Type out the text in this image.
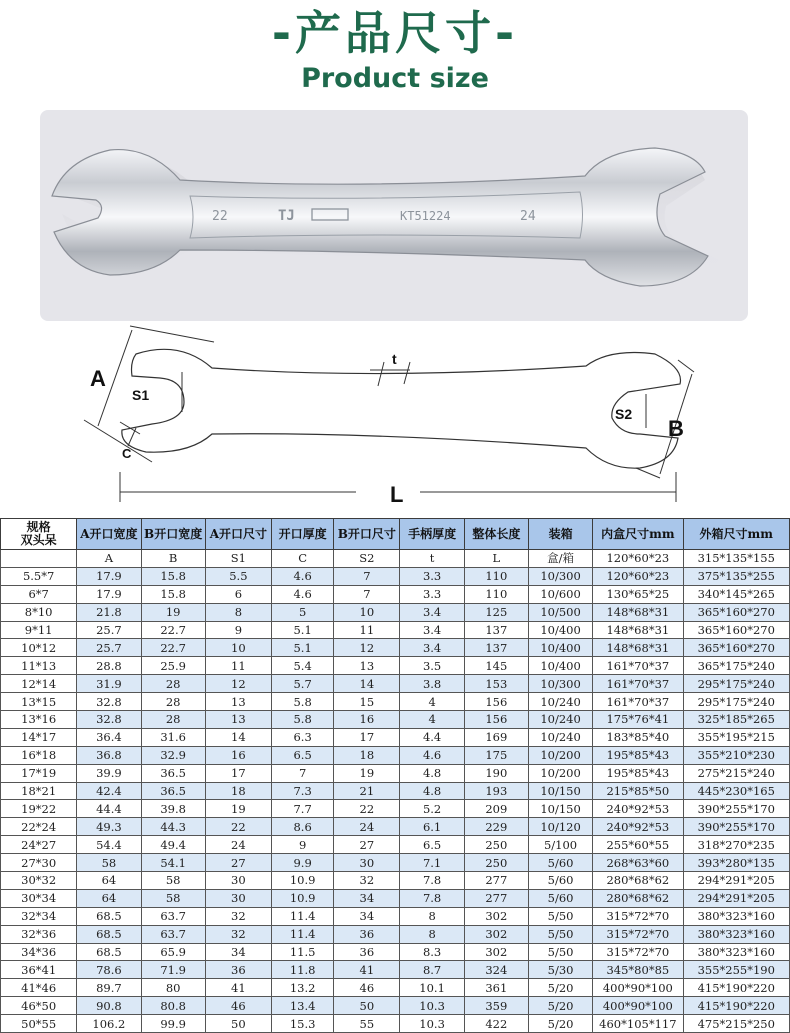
-产品尺寸-
Product size
22	TJ	KT51224	24
A
S1
C
t
S2
B
L
规格
双头呆	A开口宽度	B开口宽度	A开口尺寸	开口厚度	B开口尺寸	手柄厚度	整体长度	装箱	内盒尺寸mm	外箱尺寸mm
	A	B	S1	C	S2	t	L	盒/箱	120*60*23	315*135*155
5.5*7	17.9	15.8	5.5	4.6	7	3.3	110	10/300	120*60*23	375*135*255
6*7	17.9	15.8	6	4.6	7	3.3	110	10/600	130*65*25	340*145*265
8*10	21.8	19	8	5	10	3.4	125	10/500	148*68*31	365*160*270
9*11	25.7	22.7	9	5.1	11	3.4	137	10/400	148*68*31	365*160*270
10*12	25.7	22.7	10	5.1	12	3.4	137	10/400	148*68*31	365*160*270
11*13	28.8	25.9	11	5.4	13	3.5	145	10/400	161*70*37	365*175*240
12*14	31.9	28	12	5.7	14	3.8	153	10/300	161*70*37	295*175*240
13*15	32.8	28	13	5.8	15	4	156	10/240	161*70*37	295*175*240
13*16	32.8	28	13	5.8	16	4	156	10/240	175*76*41	325*185*265
14*17	36.4	31.6	14	6.3	17	4.4	169	10/240	183*85*40	355*195*215
16*18	36.8	32.9	16	6.5	18	4.6	175	10/200	195*85*43	355*210*230
17*19	39.9	36.5	17	7	19	4.8	190	10/200	195*85*43	275*215*240
18*21	42.4	36.5	18	7.3	21	4.8	193	10/150	215*85*50	445*230*165
19*22	44.4	39.8	19	7.7	22	5.2	209	10/150	240*92*53	390*255*170
22*24	49.3	44.3	22	8.6	24	6.1	229	10/120	240*92*53	390*255*170
24*27	54.4	49.4	24	9	27	6.5	250	5/100	255*60*55	318*270*235
27*30	58	54.1	27	9.9	30	7.1	250	5/60	268*63*60	393*280*135
30*32	64	58	30	10.9	32	7.8	277	5/60	280*68*62	294*291*205
30*34	64	58	30	10.9	34	7.8	277	5/60	280*68*62	294*291*205
32*34	68.5	63.7	32	11.4	34	8	302	5/50	315*72*70	380*323*160
32*36	68.5	63.7	32	11.4	36	8	302	5/50	315*72*70	380*323*160
34*36	68.5	65.9	34	11.5	36	8.3	302	5/50	315*72*70	380*323*160
36*41	78.6	71.9	36	11.8	41	8.7	324	5/30	345*80*85	355*255*190
41*46	89.7	80	41	13.2	46	10.1	361	5/20	400*90*100	415*190*220
46*50	90.8	80.8	46	13.4	50	10.3	359	5/20	400*90*100	415*190*220
50*55	106.2	99.9	50	15.3	55	10.3	422	5/20	460*105*117	475*215*250
